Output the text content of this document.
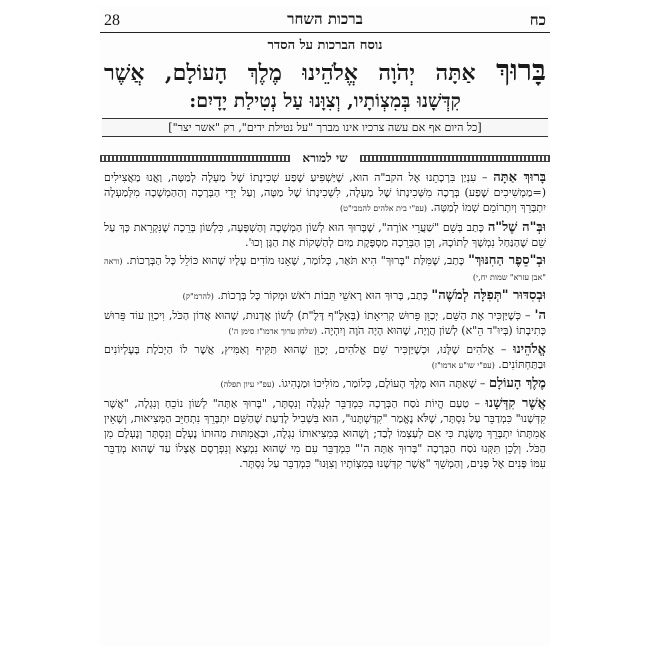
כח
ברכות השחר
28
נוסח הברכות על הסדר
בָּרוּךְ אַתָּה יְהֹוָה אֱלֹהֵינוּ מֶלֶךְ הָעוֹלָם, אֲשֶׁר
קִדְּשָׁנוּ בְּמִצְוֹתָיו, וְצִוָּנוּ עַל נְטִילַת יָדָיִם:
[כל היום אף אם עשה צרכיו אינו מברך "על נטילת ידים", רק "אשר יצר"]
שי למורא

בָּרוּךְ אַתָּה – עִנְיַן בִּרְכָתֵנוּ אֶל הקב"ה הוּא, שֶׁיַּשְׁפִּיעַ שֶׁפַע שְׁכִינָתוֹ שֶׁל מַעְלָה לְמַטָּה, וַאֲנוּ מַאֲצִילִים (=מַמְשִׁיכִים שֶׁפַע) בְּרָכָה מִשְּׁכִינָתוֹ שֶׁל מַעְלָה, לִשְׁכִינָתוֹ שֶׁל מַטָּה, וְעַל יְדֵי הַבְּרָכָה וְהַהַמְשָׁכָה מִלְּמַעְלָה יִתְבָּרֵךְ וְיִתְרוֹמֵם שְׁמוֹ לְמַטָּה. (עפ"י בית אלהים להמבי"ט)

וּבְּ"ה שֶׁל"ה כָּתַב בְּשֵׁם "שַׁעֲרֵי אוֹרָה", שֶׁבָּרוּךְ הוּא לְשׁוֹן הַמְשָׁכָה וְהַשְׁפָּעָה, כִּלְשׁוֹן בְּרֵכָה שֶׁנִּקְרֵאת כָּךְ עַל שֵׁם שֶׁהַנַּחַל נִמְשָׁךְ לְתוֹכָהּ, וְכֵן הַבְּרֵכָה מַסְפֶּקֶת מַיִם לְהַשְׁקוֹת אֶת הַגָּן וְכוּ'.

וּבְ"סֵפֶר הַחִנּוּךְ" כָּתַב, שֶׁמִּלַּת "בָּרוּךְ" הִיא תֹּאַר, כְּלוֹמַר, שֶׁאָנוּ מוֹדִים עָלָיו שֶׁהוּא כּוֹלֵל כָּל הַבְּרָכוֹת. (וראה "אבן עזרא" שמות יח,י)

וּבְסִדּוּר "תְּפִלָּה לְמֹשֶׁה" כָּתַב, בָּרוּךְ הוּא רָאשֵׁי תֵּבוֹת רֹאשׁ וּמְקוֹר כָּל בְּרָכוֹת. (להרמ"ק)

ה' – כְּשֶׁיַּזְכִּיר אֶת הַשֵּׁם, יְכַוֵּן פֵּרוּשׁ קְרִיאָתוֹ (בְּאָלֶ"ף דָּלֶ"ת) לְשׁוֹן אֲדְנוּת, שֶׁהוּא אֲדוֹן הַכֹּל, וִיכַוֵּן עוֹד פֵּרוּשׁ כְּתִיבָתוֹ (בְּיוּ"ד הֵ"א) לְשׁוֹן הֲוָיָה, שֶׁהוּא הָיָה הֹוֶה וְיִהְיֶה. (שלחן ערוך אדמו"ז סימן ה')

אֱלֹהֵינוּ – אֱלֹהִים שֶׁלָּנוּ, וּכְשֶׁיַּזְכִּיר שֵׁם אֱלֹהִים, יְכַוֵּן שֶׁהוּא תַּקִּיף וְאַמִּיץ, אֲשֶׁר לוֹ הַיְכֹלֶת בָּעֶלְיוֹנִים וּבַתַּחְתּוֹנִים. (עפ"י שו"ע אדמו"ז)

מֶלֶךְ הָעוֹלָם – שֶׁאַתָּה הוּא מֶלֶךְ הָעוֹלָם, כְּלוֹמַר, מוֹלִיכוֹ וּמַנְהִיגוֹ. (עפ"י עיון תפלה)

אֲשֶׁר קִדְּשָׁנוּ – טַעַם הֱיוֹת נֹסַח הַבְּרָכָה כִּמְדַבֵּר לְנִגְלֶה וְנִסְתָּר, "בָּרוּךְ אַתָּה" לְשׁוֹן נוֹכֵחַ וְנִגְלֶה, "אֲשֶׁר קִדְּשָׁנוּ" כִּמְדַבֵּר עַל נִסְתָּר, שֶׁלֹּא נֶאֱמַר "קִדַּשְׁתָּנוּ", הוּא בִּשְׁבִיל לָדַעַת שֶׁהַשֵּׁם יִתְבָּרֵךְ נִתְחַיֵּב הַמְּצִיאוּת, וְשֶׁאֵין אֲמִתָּתוֹ יִתְבָּרֵךְ מֻשֶּׂגֶת כִּי אִם לְעַצְמוֹ לְבַד; וְשֶׁהוּא בְּמִצִיאוּתוֹ נִגְלֶה, וּבַאֲמִתּוּת מַהוּתוֹ נֶעְלָם וְנִסְתָּר וְנֶעְלָם מִן הַכֹּל. וְלָכֵן תִּקְּנוּ נֹסַח הַבְּרָכָה "בָּרוּךְ אַתָּה ה'" כִּמְדַבֵּר עִם מִי שֶׁהוּא נִמְצָא וְנִפְרָסָם אֶצְלוֹ עַד שֶׁהוּא מְדַבֵּר עִמּוֹ פָּנִים אֶל פָּנִים, וְהַמְשֵׁךְ "אֲשֶׁר קִדְּשָׁנוּ בְּמִצְוֹתָיו וְצִוָּנוּ" כִּמְדַבֵּר עַל נִסְתָּר.
